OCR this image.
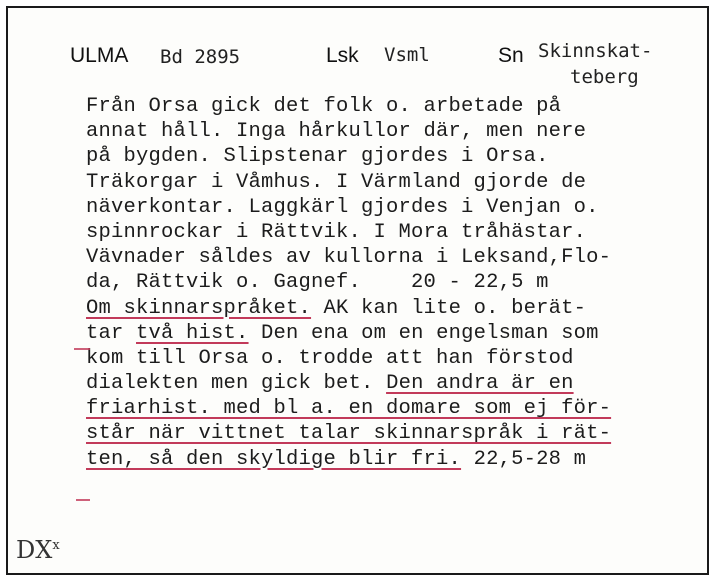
ULMA Bd 2895	Lsk Vsml	Sn Skinnskat-
teberg
Från Orsa gick det folk o. arbetade på
annat håll. Inga hårkullor där, men nere
på bygden. Slipstenar gjordes i Orsa.
Träkorgar i Våmhus. I Värmland gjorde de
näverkontar. Laggkärl gjordes i Venjan o.
spinnrockar i Rättvik. I Mora tråhästar.
Vävnader såldes av kullorna i Leksand,Flo-
da, Rättvik o. Gagnef.    20 - 22,5 m
Om skinnarspråket. AK kan lite o. berät-
tar två hist. Den ena om en engelsman som
kom till Orsa o. trodde att han förstod
dialekten men gick bet. Den andra är en
friarhist. med bl a. en domare som ej för-
står när vittnet talar skinnarspråk i rät-
ten, så den skyldige blir fri. 22,5-28 m
$DX^x$
